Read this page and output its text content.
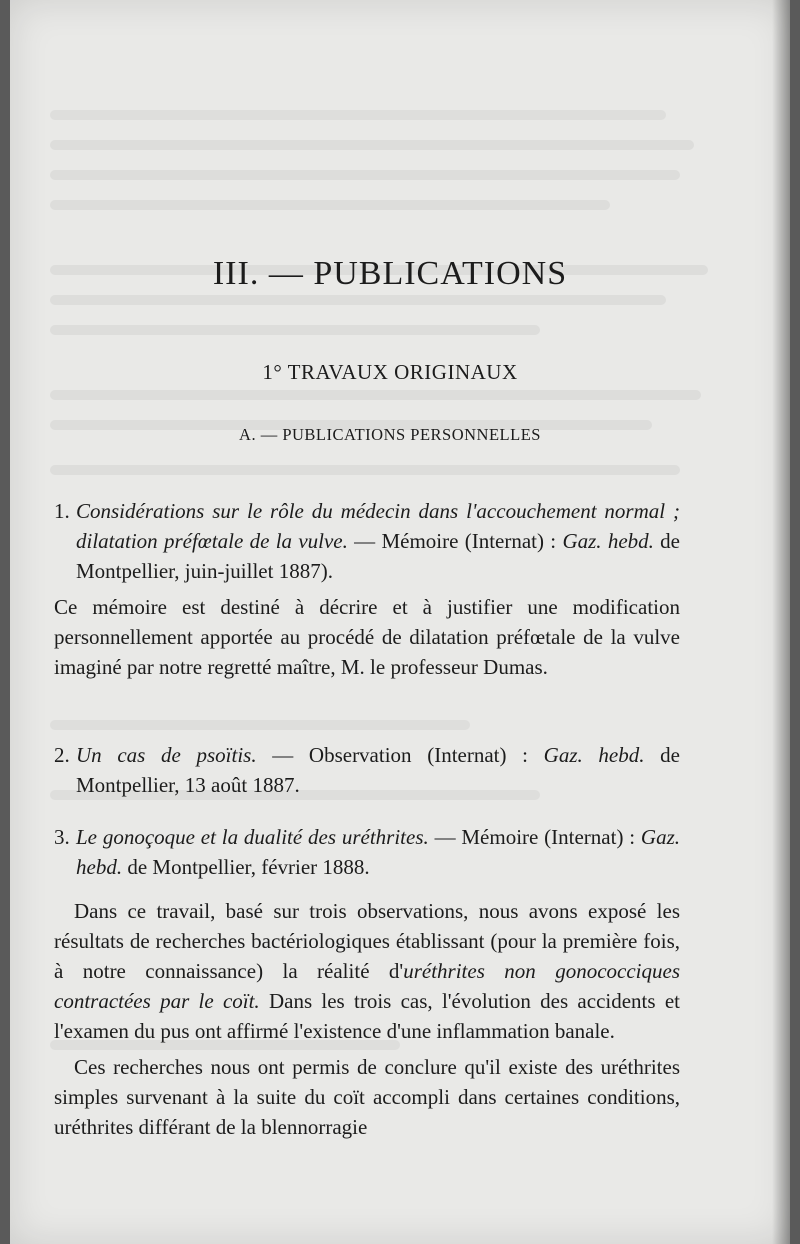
III. — PUBLICATIONS
1° TRAVAUX ORIGINAUX
A. — PUBLICATIONS PERSONNELLES
1. Considérations sur le rôle du médecin dans l'accouchement normal ; dilatation préfœtale de la vulve. — Mémoire (Internat) : Gaz. hebd. de Montpellier, juin-juillet 1887).

Ce mémoire est destiné à décrire et à justifier une modification personnellement apportée au procédé de dilatation préfœtale de la vulve imaginé par notre regretté maître, M. le professeur Dumas.

2. Un cas de psoïtis. — Observation (Internat) : Gaz. hebd. de Montpellier, 13 août 1887.
3. Le gonoçoque et la dualité des uréthrites. — Mémoire (Internat) : Gaz. hebd. de Montpellier, février 1888.

Dans ce travail, basé sur trois observations, nous avons exposé les résultats de recherches bactériologiques établissant (pour la première fois, à notre connaissance) la réalité d'uréthrites non gonococciques contractées par le coït. Dans les trois cas, l'évolution des accidents et l'examen du pus ont affirmé l'existence d'une inflammation banale.

Ces recherches nous ont permis de conclure qu'il existe des uréthrites simples survenant à la suite du coït accompli dans certaines conditions, uréthrites différant de la blennorragie
